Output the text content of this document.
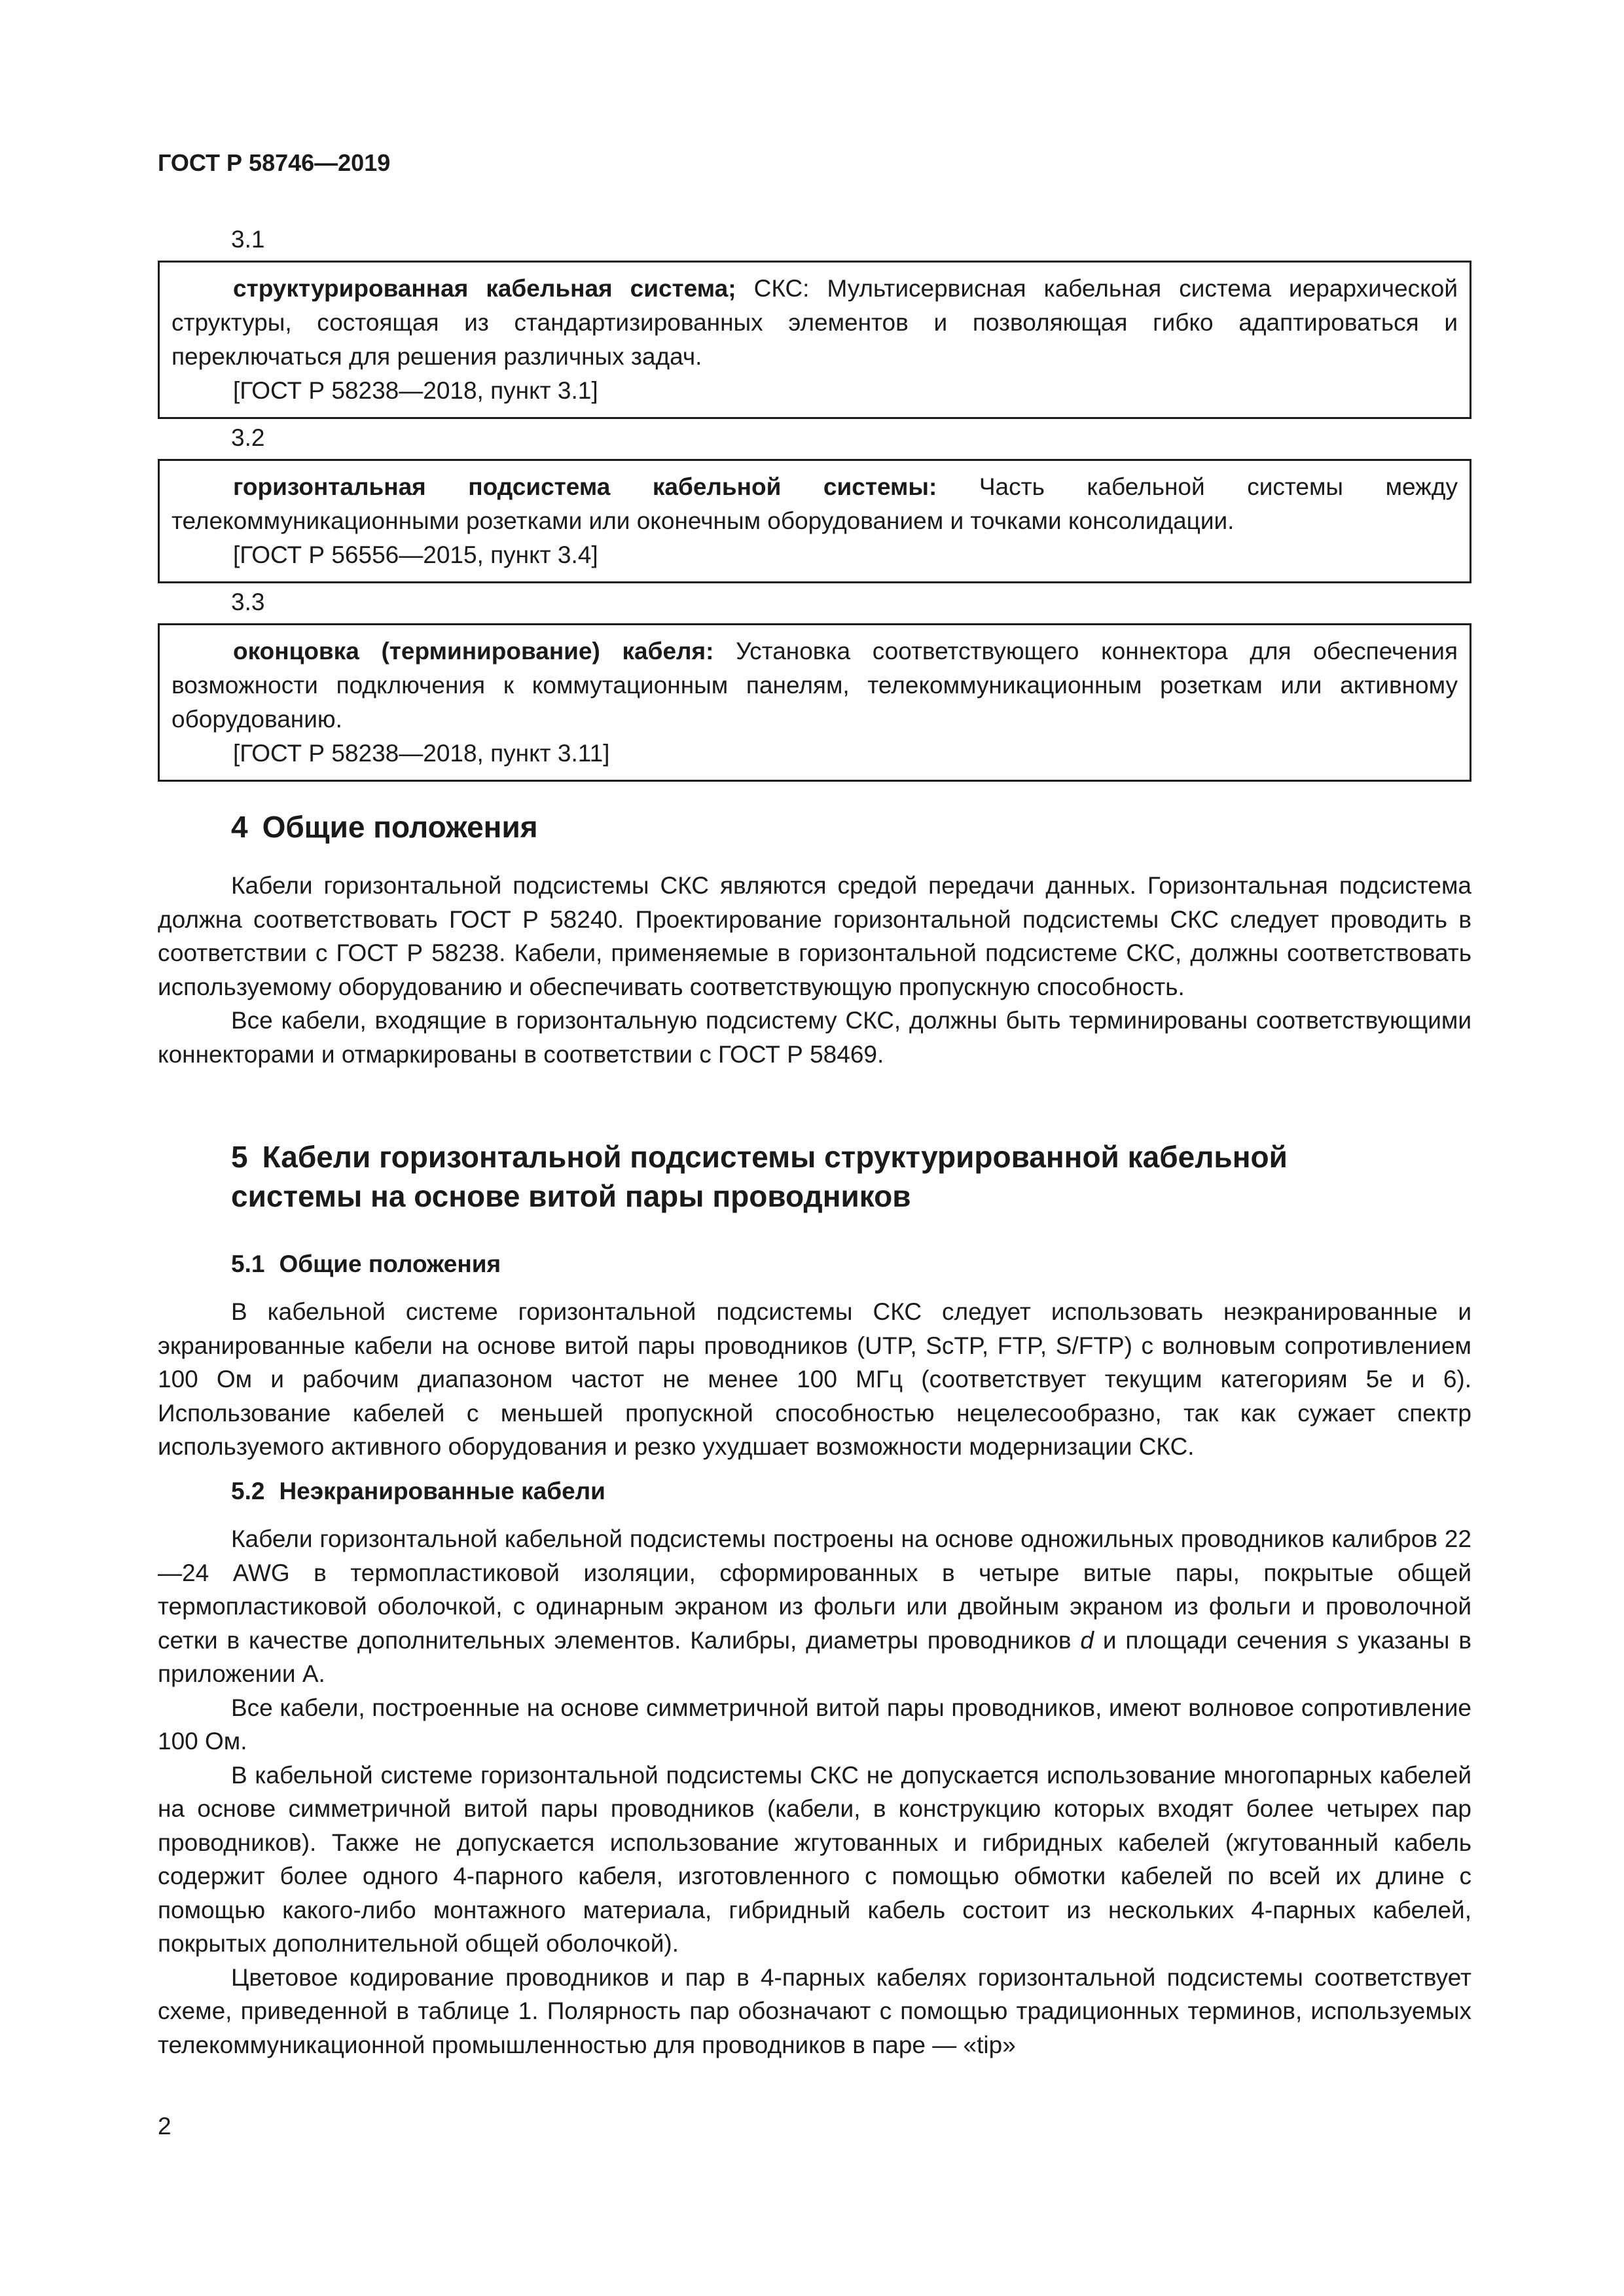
ГОСТ Р 58746—2019
3.1
структурированная кабельная система; СКС: Мультисервисная кабельная система иерархической структуры, состоящая из стандартизированных элементов и позволяющая гибко адаптироваться и переключаться для решения различных задач.
[ГОСТ Р 58238—2018, пункт 3.1]
3.2
горизонтальная подсистема кабельной системы: Часть кабельной системы между телекоммуникационными розетками или оконечным оборудованием и точками консолидации.
[ГОСТ Р 56556—2015, пункт 3.4]
3.3
оконцовка (терминирование) кабеля: Установка соответствующего коннектора для обеспечения возможности подключения к коммутационным панелям, телекоммуникационным розеткам или активному оборудованию.
[ГОСТ Р 58238—2018, пункт 3.11]
4 Общие положения

Кабели горизонтальной подсистемы СКС являются средой передачи данных. Горизонтальная подсистема должна соответствовать ГОСТ Р 58240. Проектирование горизонтальной подсистемы СКС следует проводить в соответствии с ГОСТ Р 58238. Кабели, применяемые в горизонтальной подсистеме СКС, должны соответствовать используемому оборудованию и обеспечивать соответствующую пропускную способность.

Все кабели, входящие в горизонтальную подсистему СКС, должны быть терминированы соответствующими коннекторами и отмаркированы в соответствии с ГОСТ Р 58469.

5 Кабели горизонтальной подсистемы структурированной кабельной
системы на основе витой пары проводников
5.1 Общие положения

В кабельной системе горизонтальной подсистемы СКС следует использовать неэкранированные и экранированные кабели на основе витой пары проводников (UTP, ScTP, FTP, S/FTP) с волновым сопротивлением 100 Ом и рабочим диапазоном частот не менее 100 МГц (соответствует текущим категориям 5е и 6). Использование кабелей с меньшей пропускной способностью нецелесообразно, так как сужает спектр используемого активного оборудования и резко ухудшает возможности модернизации СКС.

5.2 Неэкранированные кабели

Кабели горизонтальной кабельной подсистемы построены на основе одножильных проводников калибров 22—24 AWG в термопластиковой изоляции, сформированных в четыре витые пары, покрытые общей термопластиковой оболочкой, с одинарным экраном из фольги или двойным экраном из фольги и проволочной сетки в качестве дополнительных элементов. Калибры, диаметры проводников d и площади сечения s указаны в приложении А.

Все кабели, построенные на основе симметричной витой пары проводников, имеют волновое сопротивление 100 Ом.

В кабельной системе горизонтальной подсистемы СКС не допускается использование многопарных кабелей на основе симметричной витой пары проводников (кабели, в конструкцию которых входят более четырех пар проводников). Также не допускается использование жгутованных и гибридных кабелей (жгутованный кабель содержит более одного 4-парного кабеля, изготовленного с помощью обмотки кабелей по всей их длине с помощью какого-либо монтажного материала, гибридный кабель состоит из нескольких 4-парных кабелей, покрытых дополнительной общей оболочкой).

Цветовое кодирование проводников и пар в 4-парных кабелях горизонтальной подсистемы соответствует схеме, приведенной в таблице 1. Полярность пар обозначают с помощью традиционных терминов, используемых телекоммуникационной промышленностью для проводников в паре — «tip»

2
